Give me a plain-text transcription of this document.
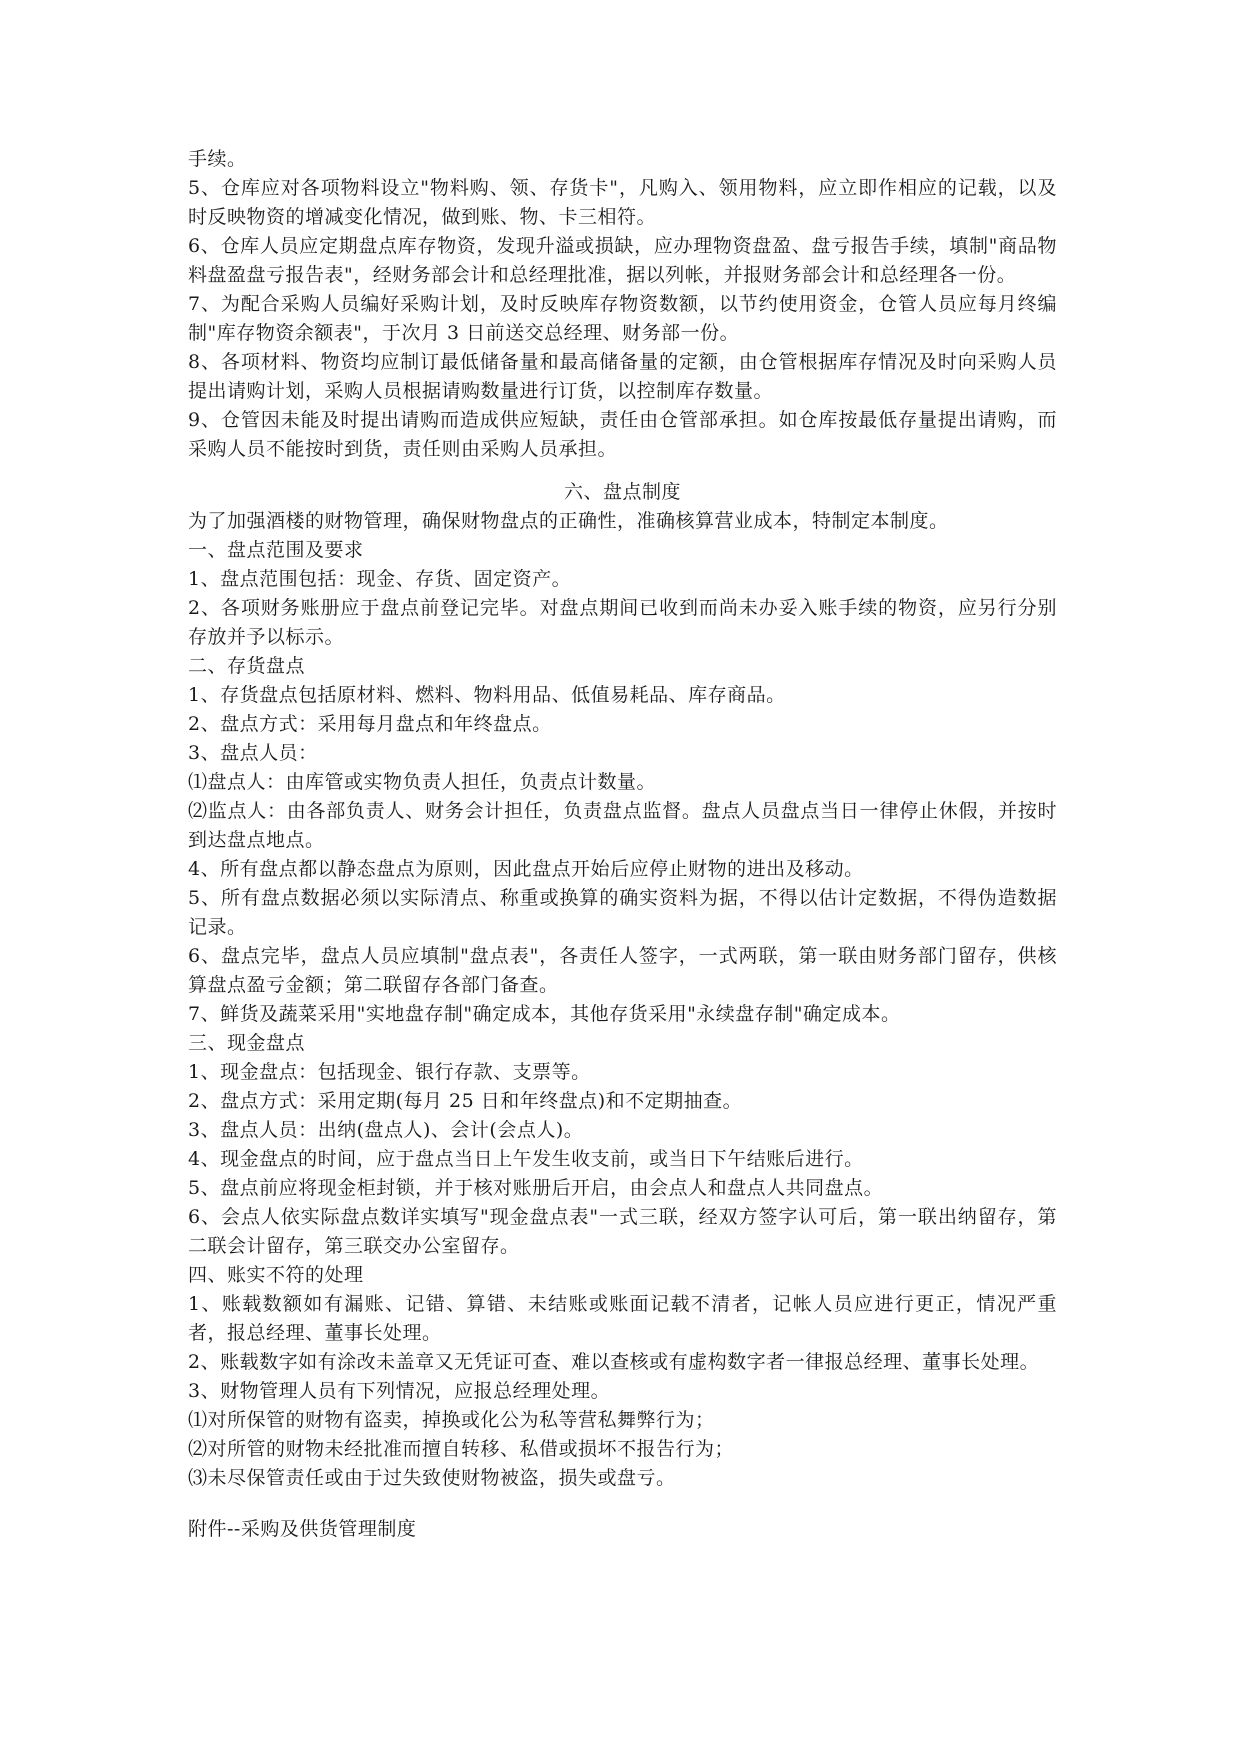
手续。

5、仓库应对各项物料设立"物料购、领、存货卡"，凡购入、领用物料，应立即作相应的记载，以及时反映物资的增减变化情况，做到账、物、卡三相符。

6、仓库人员应定期盘点库存物资，发现升溢或损缺，应办理物资盘盈、盘亏报告手续，填制"商品物料盘盈盘亏报告表"，经财务部会计和总经理批准，据以列帐，并报财务部会计和总经理各一份。

7、为配合采购人员编好采购计划，及时反映库存物资数额，以节约使用资金，仓管人员应每月终编制"库存物资余额表"，于次月 3 日前送交总经理、财务部一份。

8、各项材料、物资均应制订最低储备量和最高储备量的定额，由仓管根据库存情况及时向采购人员提出请购计划，采购人员根据请购数量进行订货，以控制库存数量。

9、仓管因未能及时提出请购而造成供应短缺，责任由仓管部承担。如仓库按最低存量提出请购，而采购人员不能按时到货，责任则由采购人员承担。

六、盘点制度

为了加强酒楼的财物管理，确保财物盘点的正确性，准确核算营业成本，特制定本制度。

一、盘点范围及要求

1、盘点范围包括：现金、存货、固定资产。

2、各项财务账册应于盘点前登记完毕。对盘点期间已收到而尚未办妥入账手续的物资，应另行分别存放并予以标示。

二、存货盘点

1、存货盘点包括原材料、燃料、物料用品、低值易耗品、库存商品。

2、盘点方式：采用每月盘点和年终盘点。

3、盘点人员：

⑴盘点人：由库管或实物负责人担任，负责点计数量。

⑵监点人：由各部负责人、财务会计担任，负责盘点监督。盘点人员盘点当日一律停止休假，并按时到达盘点地点。

4、所有盘点都以静态盘点为原则，因此盘点开始后应停止财物的进出及移动。

5、所有盘点数据必须以实际清点、称重或换算的确实资料为据，不得以估计定数据，不得伪造数据记录。

6、盘点完毕，盘点人员应填制"盘点表"，各责任人签字，一式两联，第一联由财务部门留存，供核算盘点盈亏金额；第二联留存各部门备查。

7、鲜货及蔬菜采用"实地盘存制"确定成本，其他存货采用"永续盘存制"确定成本。

三、现金盘点

1、现金盘点：包括现金、银行存款、支票等。

2、盘点方式：采用定期(每月 25 日和年终盘点)和不定期抽查。

3、盘点人员：出纳(盘点人)、会计(会点人)。

4、现金盘点的时间，应于盘点当日上午发生收支前，或当日下午结账后进行。

5、盘点前应将现金柜封锁，并于核对账册后开启，由会点人和盘点人共同盘点。

6、会点人依实际盘点数详实填写"现金盘点表"一式三联，经双方签字认可后，第一联出纳留存，第二联会计留存，第三联交办公室留存。

四、账实不符的处理

1、账载数额如有漏账、记错、算错、未结账或账面记载不清者，记帐人员应进行更正，情况严重者，报总经理、董事长处理。

2、账载数字如有涂改未盖章又无凭证可查、难以查核或有虚构数字者一律报总经理、董事长处理。

3、财物管理人员有下列情况，应报总经理处理。

⑴对所保管的财物有盗卖，掉换或化公为私等营私舞弊行为；

⑵对所管的财物未经批准而擅自转移、私借或损坏不报告行为；

⑶未尽保管责任或由于过失致使财物被盗，损失或盘亏。

附件--采购及供货管理制度
